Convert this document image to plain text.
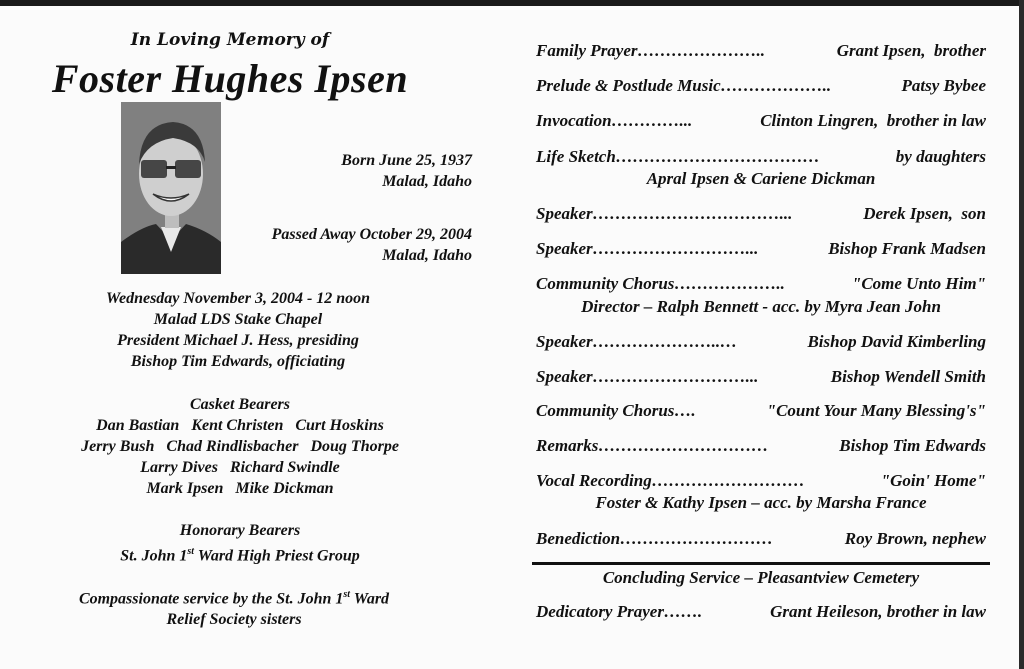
In Loving Memory of
Foster Hughes Ipsen
Born June 25, 1937
Malad, Idaho
Passed Away October 29, 2004
Malad, Idaho
Wednesday November 3, 2004 - 12 noon
Malad LDS Stake Chapel
President Michael J. Hess, presiding
Bishop Tim Edwards, officiating
Casket Bearers
Dan Bastian   Kent Christen   Curt Hoskins
Jerry Bush   Chad Rindlisbacher   Doug Thorpe
Larry Dives   Richard Swindle
Mark Ipsen   Mike Dickman
Honorary Bearers
St. John 1st Ward High Priest Group
Compassionate service by the St. John 1st Ward
Relief Society sisters
Family Prayer…………………..	Grant Ipsen,  brother
Prelude & Postlude Music………………..	Patsy Bybee
Invocation…………...	Clinton Lingren,  brother in law
Life Sketch………………………………	by daughters
Apral Ipsen & Cariene Dickman
Speaker……………………………...	Derek Ipsen,  son
Speaker………………………...	Bishop Frank Madsen
Community Chorus………………..	"Come Unto Him"
Director – Ralph Bennett - acc. by Myra Jean John
Speaker…………………..…	Bishop David Kimberling
Speaker………………………...	Bishop Wendell Smith
Community Chorus….	"Count Your Many Blessing's"
Remarks…………………………	Bishop Tim Edwards
Vocal Recording………………………	"Goin' Home"
Foster & Kathy Ipsen – acc. by Marsha France
Benediction………………………	Roy Brown, nephew
Concluding Service – Pleasantview Cemetery
Dedicatory Prayer…….	Grant Heileson, brother in law
